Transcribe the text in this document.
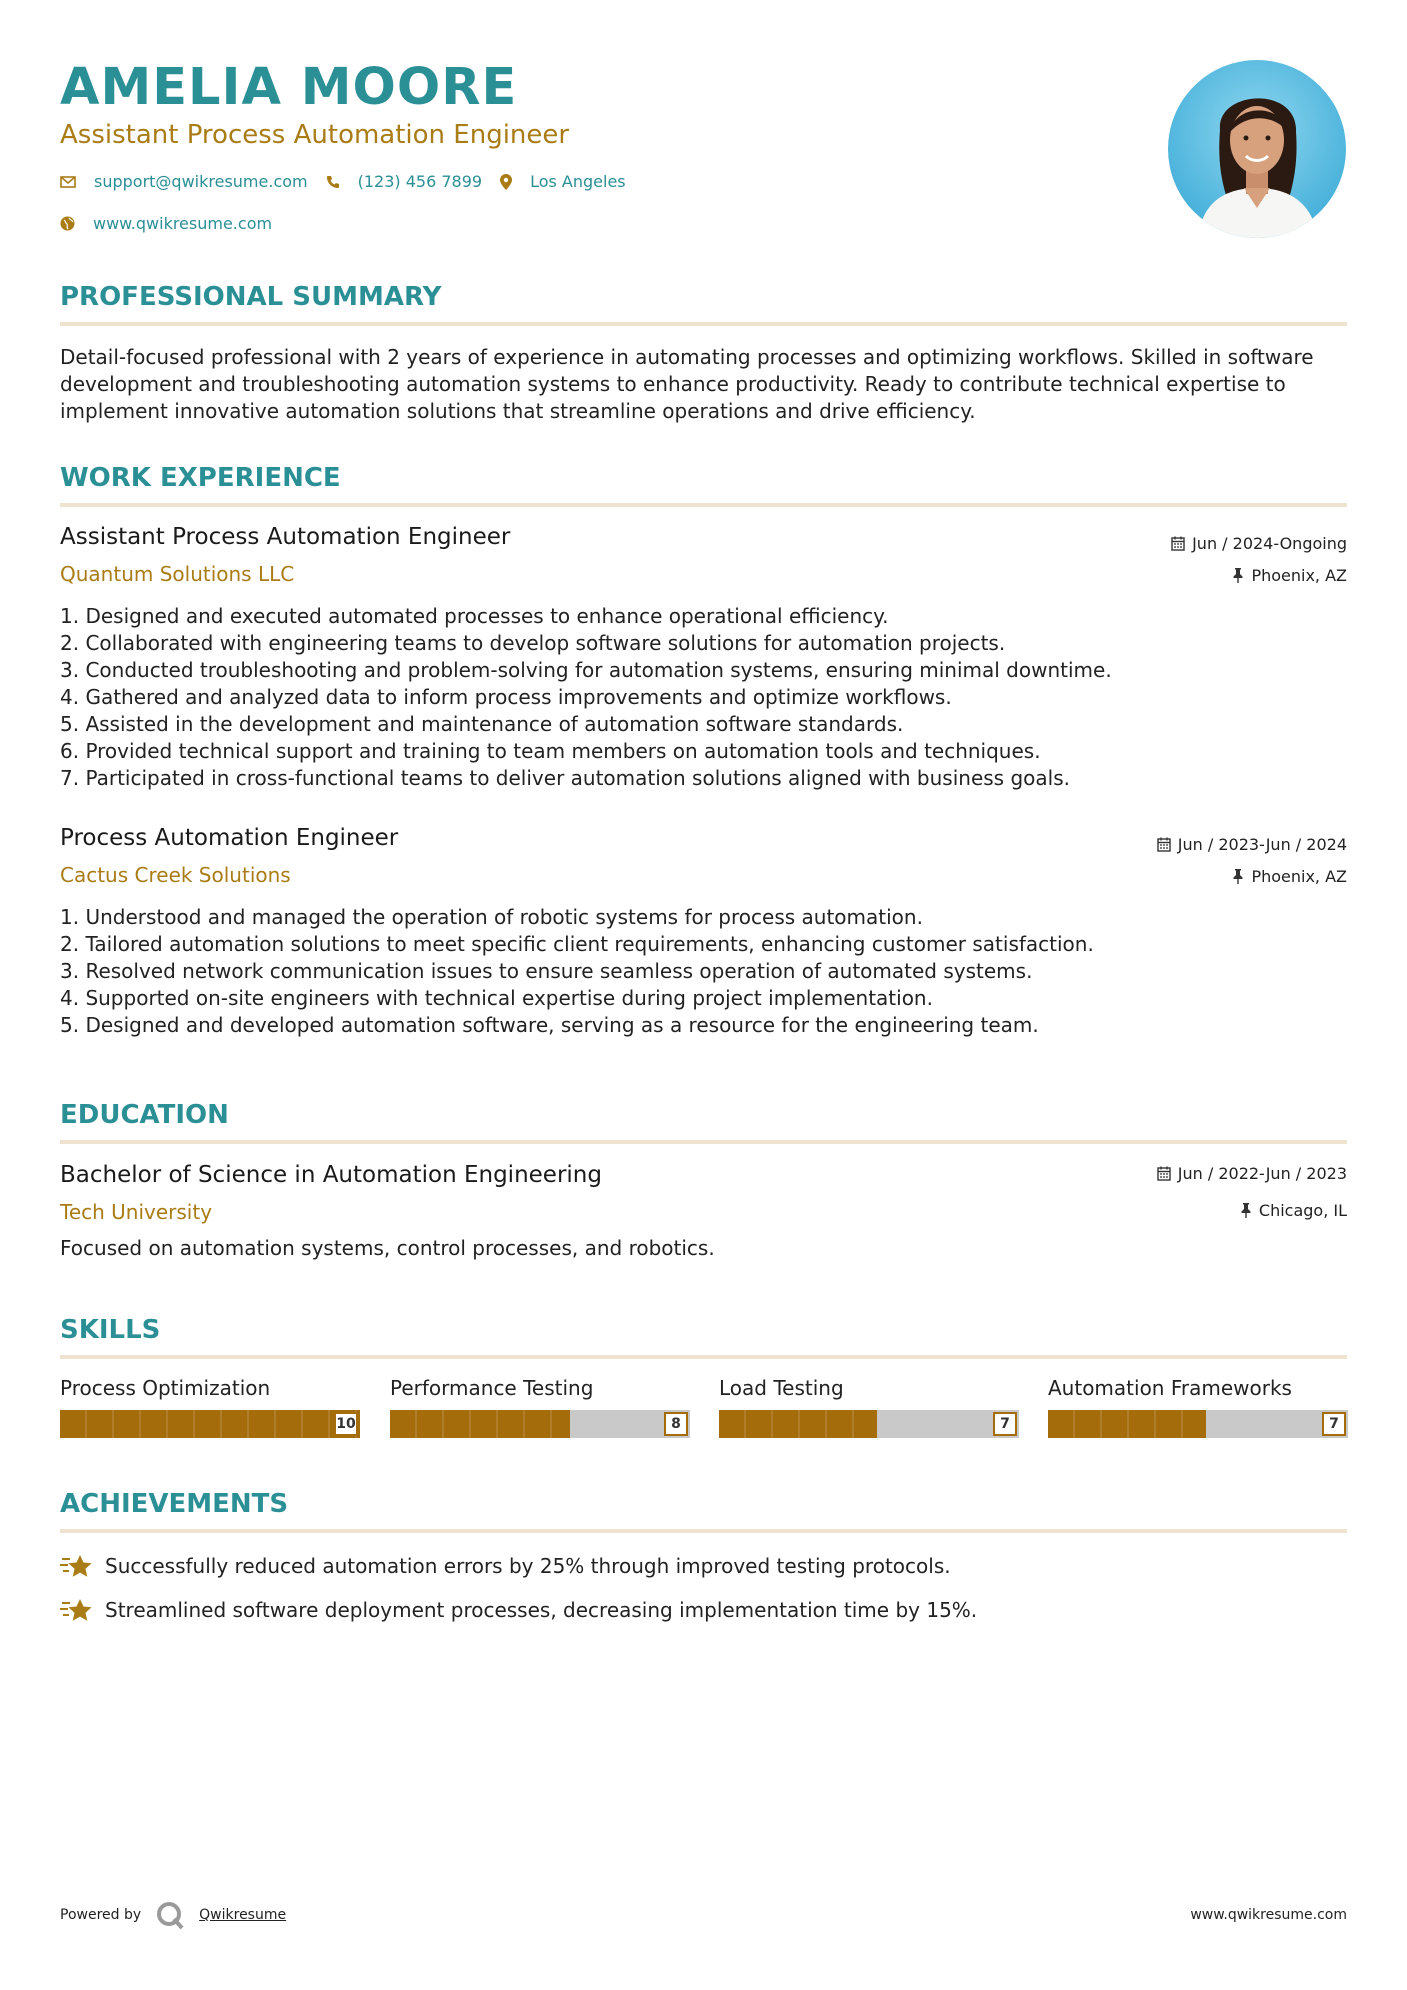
AMELIA MOORE
Assistant Process Automation Engineer
support@qwikresume.com	(123) 456 7899	Los Angeles
www.qwikresume.com
PROFESSIONAL SUMMARY

Detail-focused professional with 2 years of experience in automating processes and optimizing workflows. Skilled in software development and troubleshooting automation systems to enhance productivity. Ready to contribute technical expertise to implement innovative automation solutions that streamline operations and drive efficiency.

WORK EXPERIENCE
Assistant Process Automation Engineer
Quantum Solutions LLC
Jun / 2024-Ongoing
Phoenix, AZ
1. Designed and executed automated processes to enhance operational efficiency.
2. Collaborated with engineering teams to develop software solutions for automation projects.
3. Conducted troubleshooting and problem-solving for automation systems, ensuring minimal downtime.
4. Gathered and analyzed data to inform process improvements and optimize workflows.
5. Assisted in the development and maintenance of automation software standards.
6. Provided technical support and training to team members on automation tools and techniques.
7. Participated in cross-functional teams to deliver automation solutions aligned with business goals.
Process Automation Engineer
Cactus Creek Solutions
Jun / 2023-Jun / 2024
Phoenix, AZ
1. Understood and managed the operation of robotic systems for process automation.
2. Tailored automation solutions to meet specific client requirements, enhancing customer satisfaction.
3. Resolved network communication issues to ensure seamless operation of automated systems.
4. Supported on-site engineers with technical expertise during project implementation.
5. Designed and developed automation software, serving as a resource for the engineering team.
EDUCATION
Bachelor of Science in Automation Engineering
Tech University
Jun / 2022-Jun / 2023
Chicago, IL

Focused on automation systems, control processes, and robotics.

SKILLS
Process Optimization
10
Performance Testing
8
Load Testing
7
Automation Frameworks
7
ACHIEVEMENTS
Successfully reduced automation errors by 25% through improved testing protocols.
Streamlined software deployment processes, decreasing implementation time by 15%.
Powered by	Qwikresume	www.qwikresume.com
